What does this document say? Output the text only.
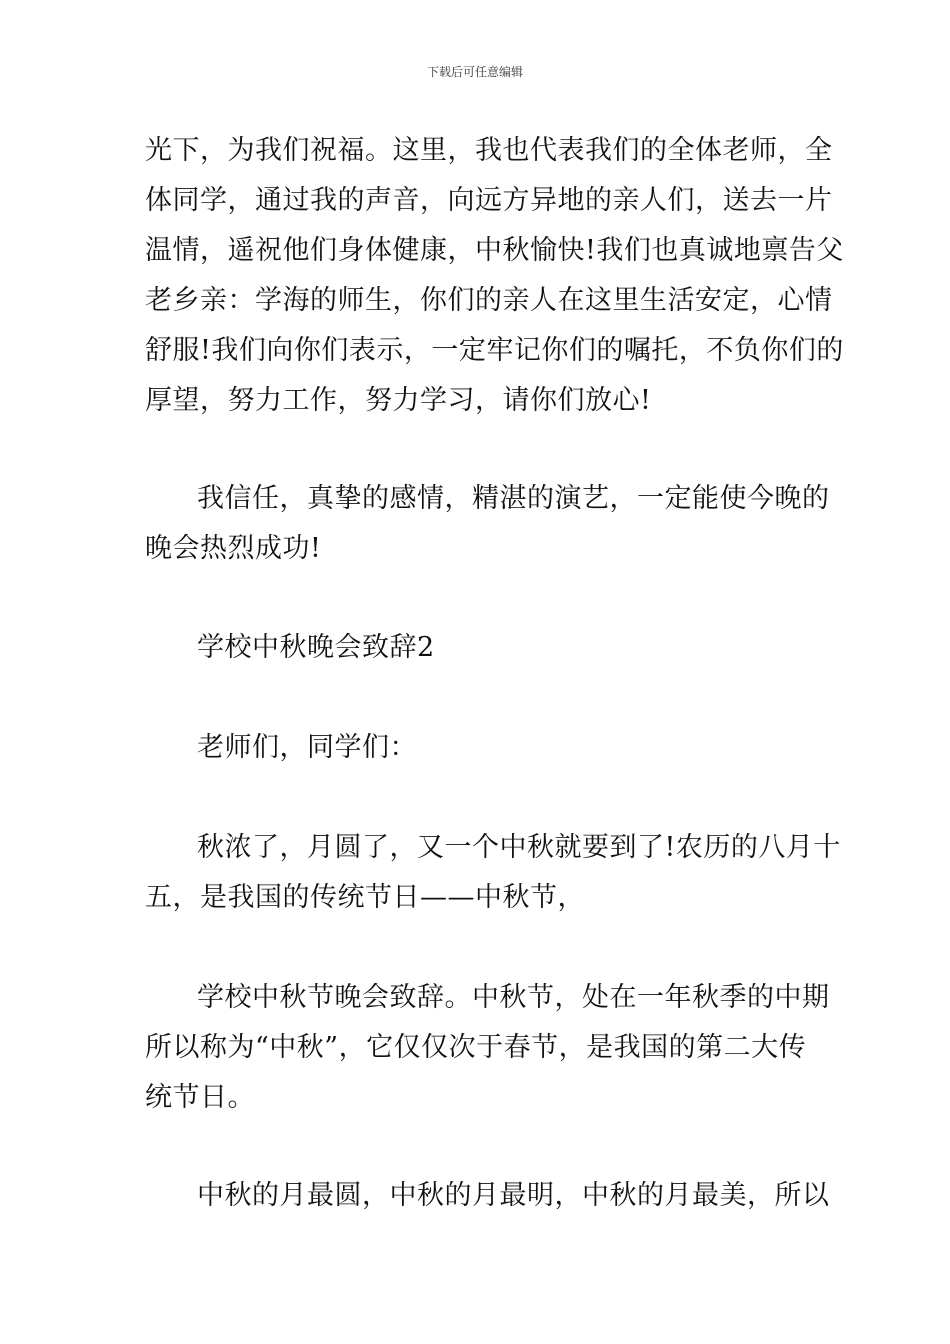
下载后可任意编辑
光下，为我们祝福。这里，我也代表我们的全体老师，全
体同学，通过我的声音，向远方异地的亲人们，送去一片
温情，遥祝他们身体健康，中秋愉快!我们也真诚地禀告父
老乡亲：学海的师生，你们的亲人在这里生活安定，心情
舒服!我们向你们表示，一定牢记你们的嘱托，不负你们的
厚望，努力工作，努力学习，请你们放心!
我信任，真挚的感情，精湛的演艺，一定能使今晚的
晚会热烈成功!
学校中秋晚会致辞2
老师们，同学们：
秋浓了，月圆了，又一个中秋就要到了!农历的八月十
五，是我国的传统节日——中秋节，
学校中秋节晚会致辞。中秋节，处在一年秋季的中期
所以称为“中秋”，它仅仅次于春节，是我国的第二大传
统节日。
中秋的月最圆，中秋的月最明，中秋的月最美，所以
